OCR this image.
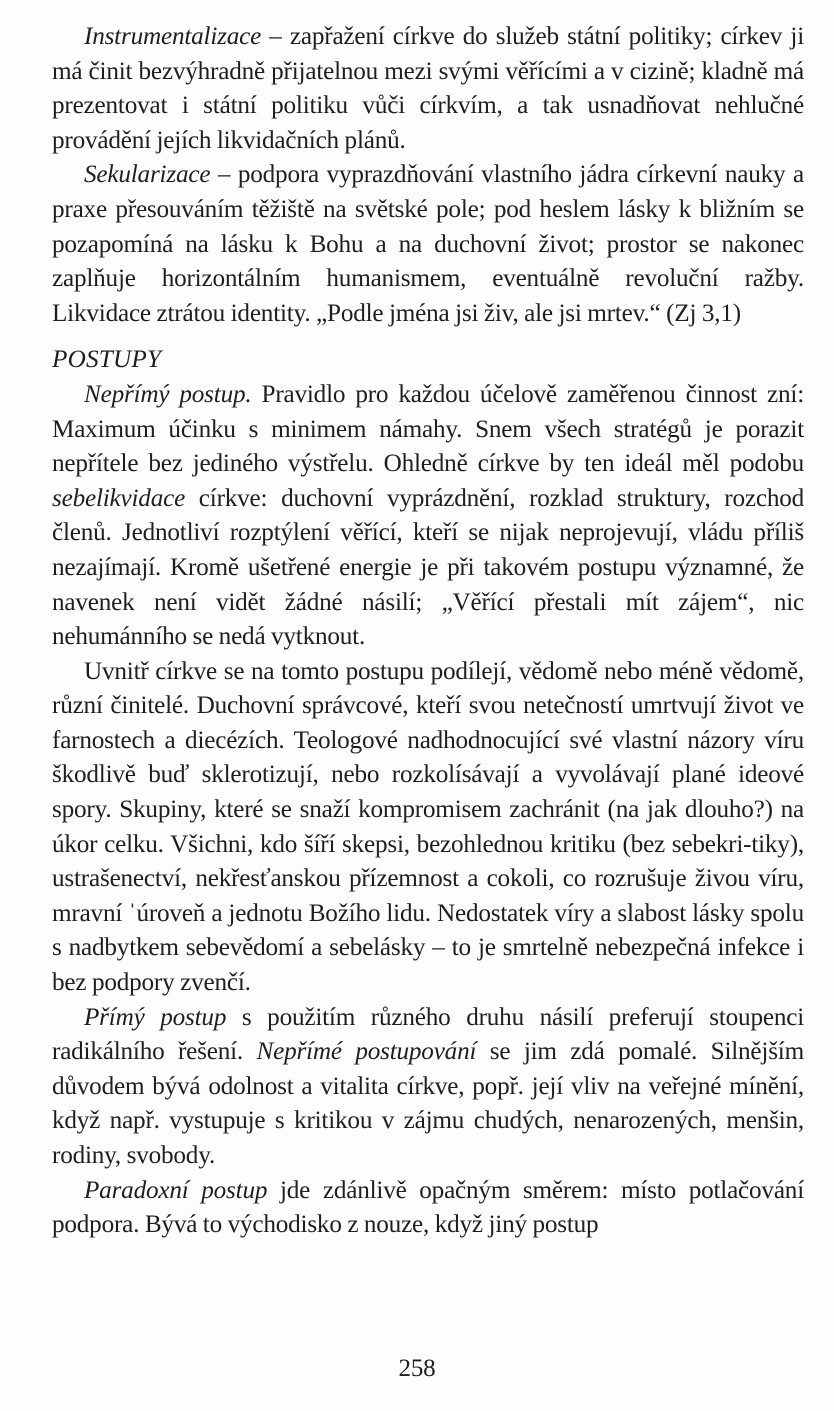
Instrumentalizace – zapřažení církve do služeb státní politiky; církev ji má činit bezvýhradně přijatelnou mezi svými věřícími a v cizině; kladně má prezentovat i státní politiku vůči církvím, a tak usnadňovat nehlučné provádění jejích likvidačních plánů.

Sekularizace – podpora vyprazdňování vlastního jádra církevní nauky a praxe přesouváním těžiště na světské pole; pod heslem lásky k bližním se pozapomíná na lásku k Bohu a na duchovní život; prostor se nakonec zaplňuje horizontálním humanismem, eventuálně revoluční ražby. Likvidace ztrátou identity. „Podle jména jsi živ, ale jsi mrtev.“ (Zj 3,1)

POSTUPY

Nepřímý postup. Pravidlo pro každou účelově zaměřenou činnost zní: Maximum účinku s minimem námahy. Snem všech stratégů je porazit nepřítele bez jediného výstřelu. Ohledně církve by ten ideál měl podobu sebelikvidace církve: duchovní vyprázdnění, rozklad struktury, rozchod členů. Jednotliví rozptýlení věřící, kteří se nijak neprojevují, vládu příliš nezajímají. Kromě ušetřené energie je při takovém postupu významné, že navenek není vidět žádné násilí; „Věřící přestali mít zájem“, nic nehumánního se nedá vytknout.

Uvnitř církve se na tomto postupu podílejí, vědomě nebo méně vědomě, různí činitelé. Duchovní správcové, kteří svou netečností umrtvují život ve farnostech a diecézích. Teologové nadhodnocující své vlastní názory víru škodlivě buď sklerotizují, nebo rozkolísávají a vyvolávají plané ideové spory. Skupiny, které se snaží kompromisem zachránit (na jak dlouho?) na úkor celku. Všichni, kdo šíří skepsi, bezohlednou kritiku (bez sebekri-tiky), ustrašenectví, nekřesťanskou přízemnost a cokoli, co rozrušuje živou víru, mravní ˈúroveň a jednotu Božího lidu. Nedostatek víry a slabost lásky spolu s nadbytkem sebevědomí a sebelásky – to je smrtelně nebezpečná infekce i bez podpory zvenčí.

Přímý postup s použitím různého druhu násilí preferují stoupenci radikálního řešení. Nepřímé postupování se jim zdá pomalé. Silnějším důvodem bývá odolnost a vitalita církve, popř. její vliv na veřejné mínění, když např. vystupuje s kritikou v zájmu chudých, nenarozených, menšin, rodiny, svobody.

Paradoxní postup jde zdánlivě opačným směrem: místo potlačování podpora. Bývá to východisko z nouze, když jiný postup

258
